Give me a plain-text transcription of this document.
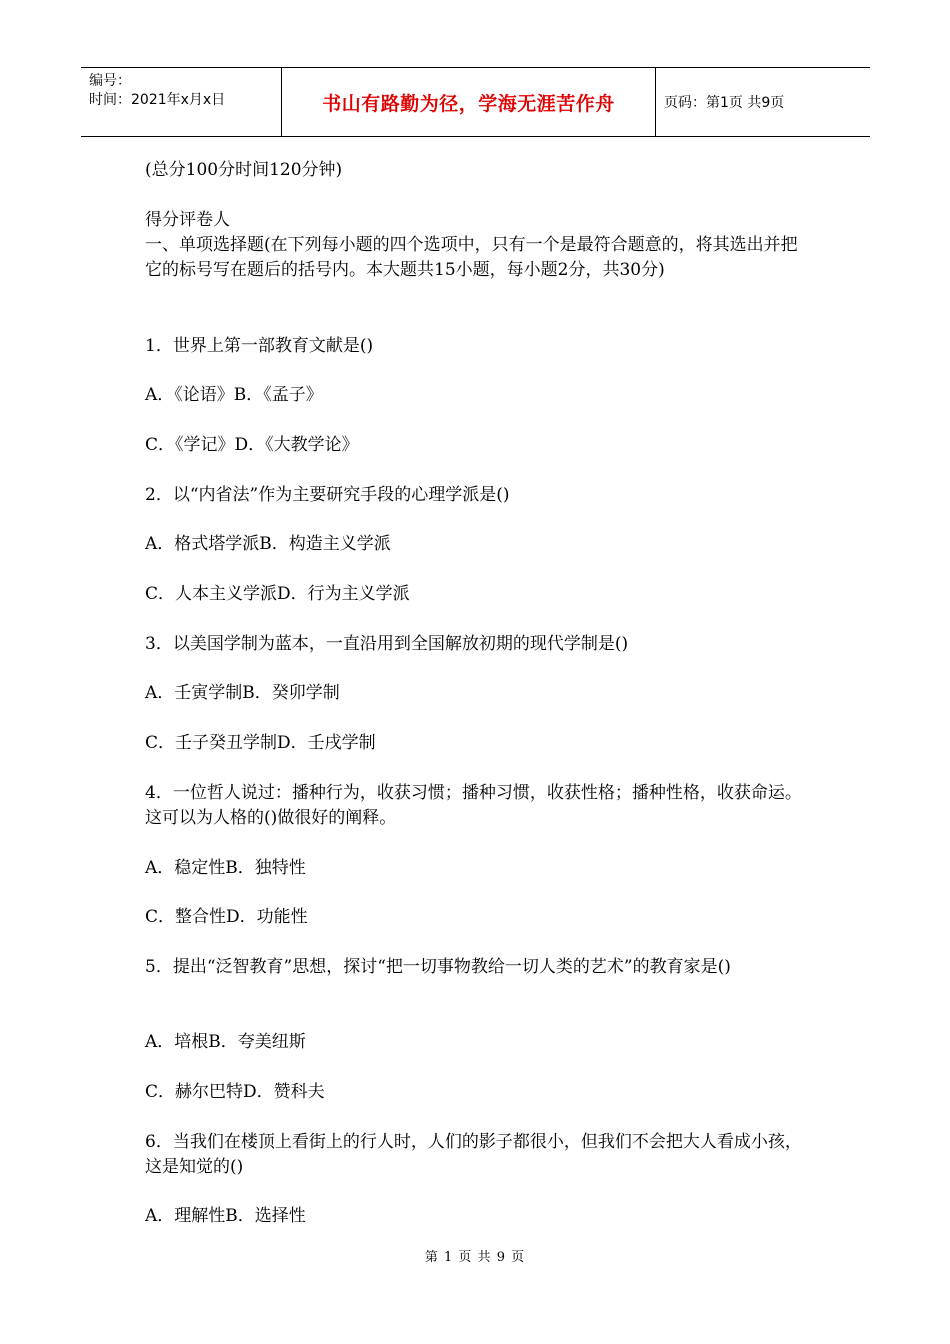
编号：
时间：2021年x月x日	书山有路勤为径，学海无涯苦作舟	页码：第1页 共9页
(总分100分时间120分钟)
得分评卷人
一、单项选择题(在下列每小题的四个选项中，只有一个是最符合题意的，将其选出并把它的标号写在题后的括号内。本大题共15小题，每小题2分，共30分)
1．世界上第一部教育文献是()
A．《论语》B．《孟子》
C．《学记》D．《大教学论》
2．以“内省法”作为主要研究手段的心理学派是()
A．格式塔学派B．构造主义学派
C．人本主义学派D．行为主义学派
3．以美国学制为蓝本，一直沿用到全国解放初期的现代学制是()
A．壬寅学制B．癸卯学制
C．壬子癸丑学制D．壬戌学制
4．一位哲人说过：播种行为，收获习惯；播种习惯，收获性格；播种性格，收获命运。这可以为人格的()做很好的阐释。
A．稳定性B．独特性
C．整合性D．功能性
5．提出“泛智教育”思想，探讨“把一切事物教给一切人类的艺术”的教育家是()
A．培根B．夸美纽斯
C．赫尔巴特D．赞科夫
6．当我们在楼顶上看街上的行人时，人们的影子都很小，但我们不会把大人看成小孩，这是知觉的()
A．理解性B．选择性
第 1 页 共 9 页
